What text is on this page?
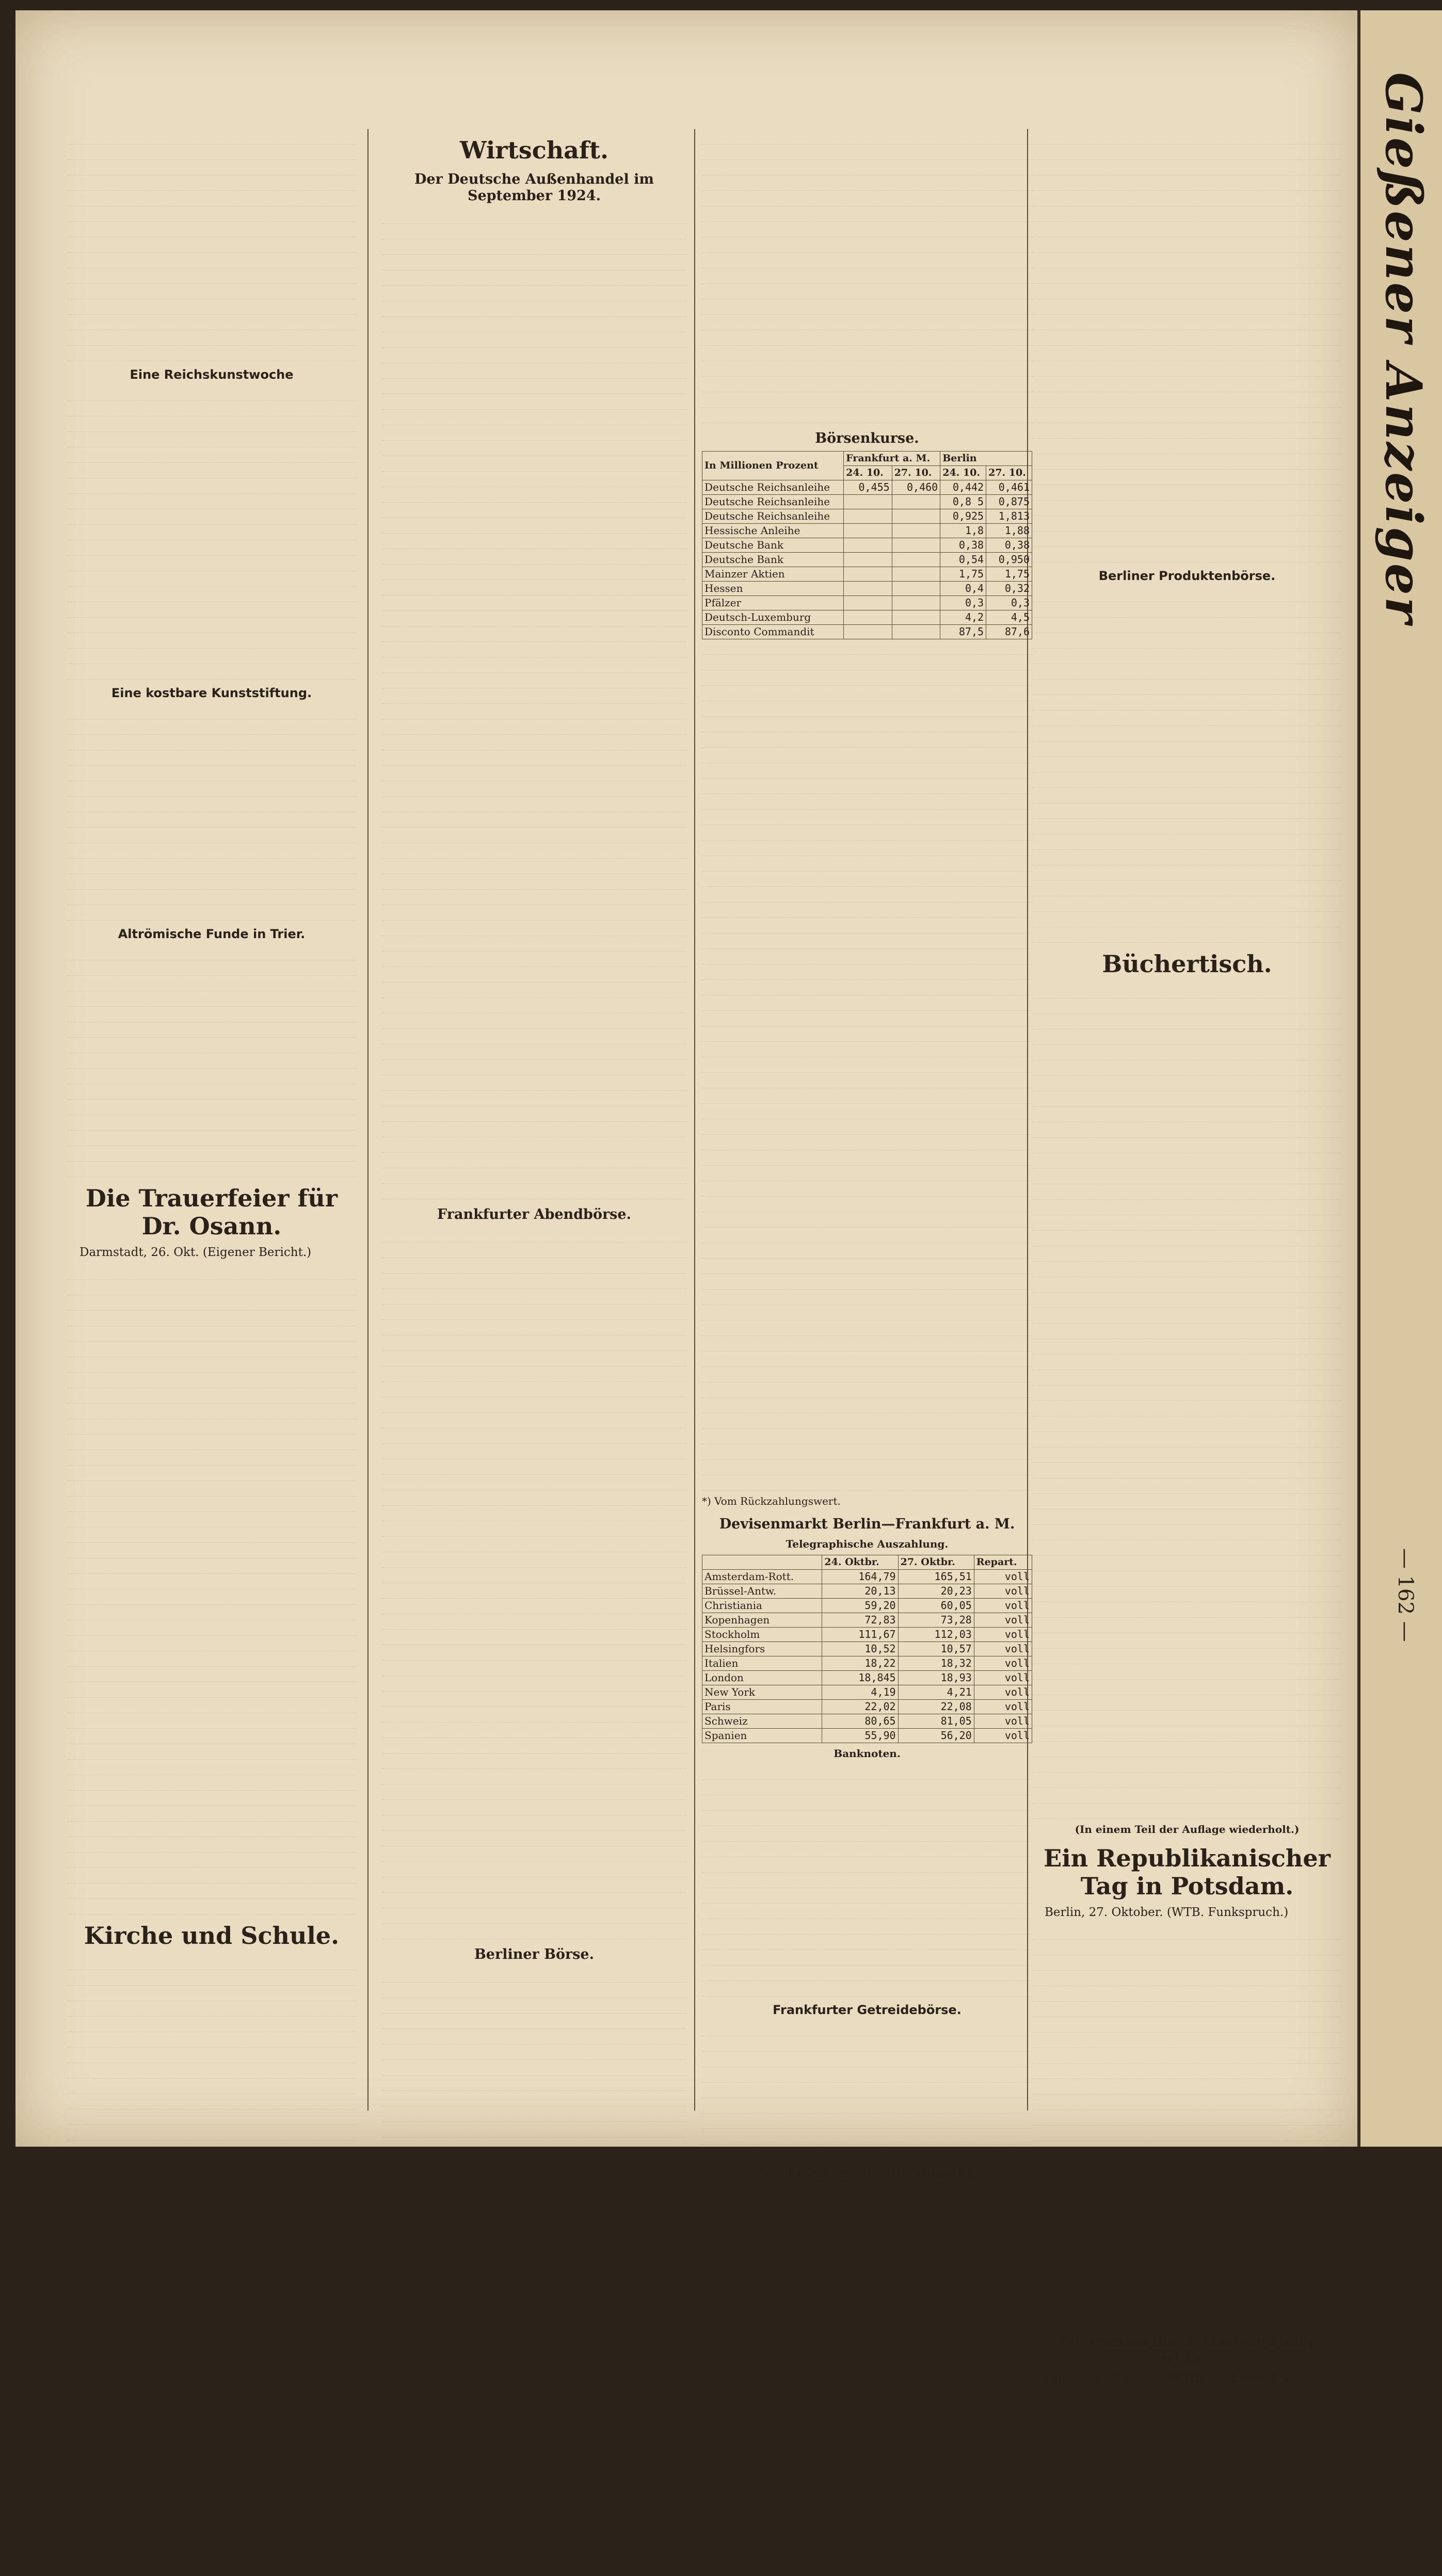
Gießener Anzeiger
— 162 —
Eine Reichskunstwoche
Eine kostbare Kunststiftung.
Altrömische Funde in Trier.
Die Trauerfeier für Dr. Osann.

Darmstadt, 26. Okt. (Eigener Bericht.)

Kirche und Schule.
Wirtschaft.
Der Deutsche Außenhandel im September 1924.
Frankfurter Abendbörse.
Berliner Börse.
Börsenkurse.
In Millionen Prozent	Frankfurt a. M.		Berlin	
	24. 10.	27. 10.	24. 10.	27. 10.
Deutsche Reichsanleihe	0,455	0,460	0,442	0,461
Deutsche Reichsanleihe			0,8 5	0,875
Deutsche Reichsanleihe			0,925	1,813
Hessische Anleihe			1,8	1,88
Deutsche Bank			0,38	0,38
Deutsche Bank			0,54	0,950
Mainzer Aktien			1,75	1,75
Hessen			0,4	0,32
Pfälzer			0,3	0,3
Deutsch-Luxemburg			4,2	4,5
Disconto Commandit			87,5	87,6
*) Vom Rückzahlungswert.
Devisenmarkt Berlin—Frankfurt a. M.
Telegraphische Auszahlung.
	24. Oktbr.	27. Oktbr.	Repart.
Amsterdam-Rott.	164,79	165,51	voll
Brüssel-Antw.	20,13	20,23	voll
Christiania	59,20	60,05	voll
Kopenhagen	72,83	73,28	voll
Stockholm	111,67	112,03	voll
Helsingfors	10,52	10,57	voll
Italien	18,22	18,32	voll
London	18,845	18,93	voll
New York	4,19	4,21	voll
Paris	22,02	22,08	voll
Schweiz	80,65	81,05	voll
Spanien	55,90	56,20	voll
Banknoten.
Frankfurter Getreidebörse.
Frankfurter Schlachtviehmarkt.
Berliner Produktenbörse.
Büchertisch.
(In einem Teil der Auflage wiederholt.)
Ein Republikanischer Tag in Potsdam.

Berlin, 27. Oktober. (WTB. Funkspruch.)

6 Personen durch Gasvergiftung getötet.

Halle a. S., 27. Okt. (WTB. Funkspruch.)
